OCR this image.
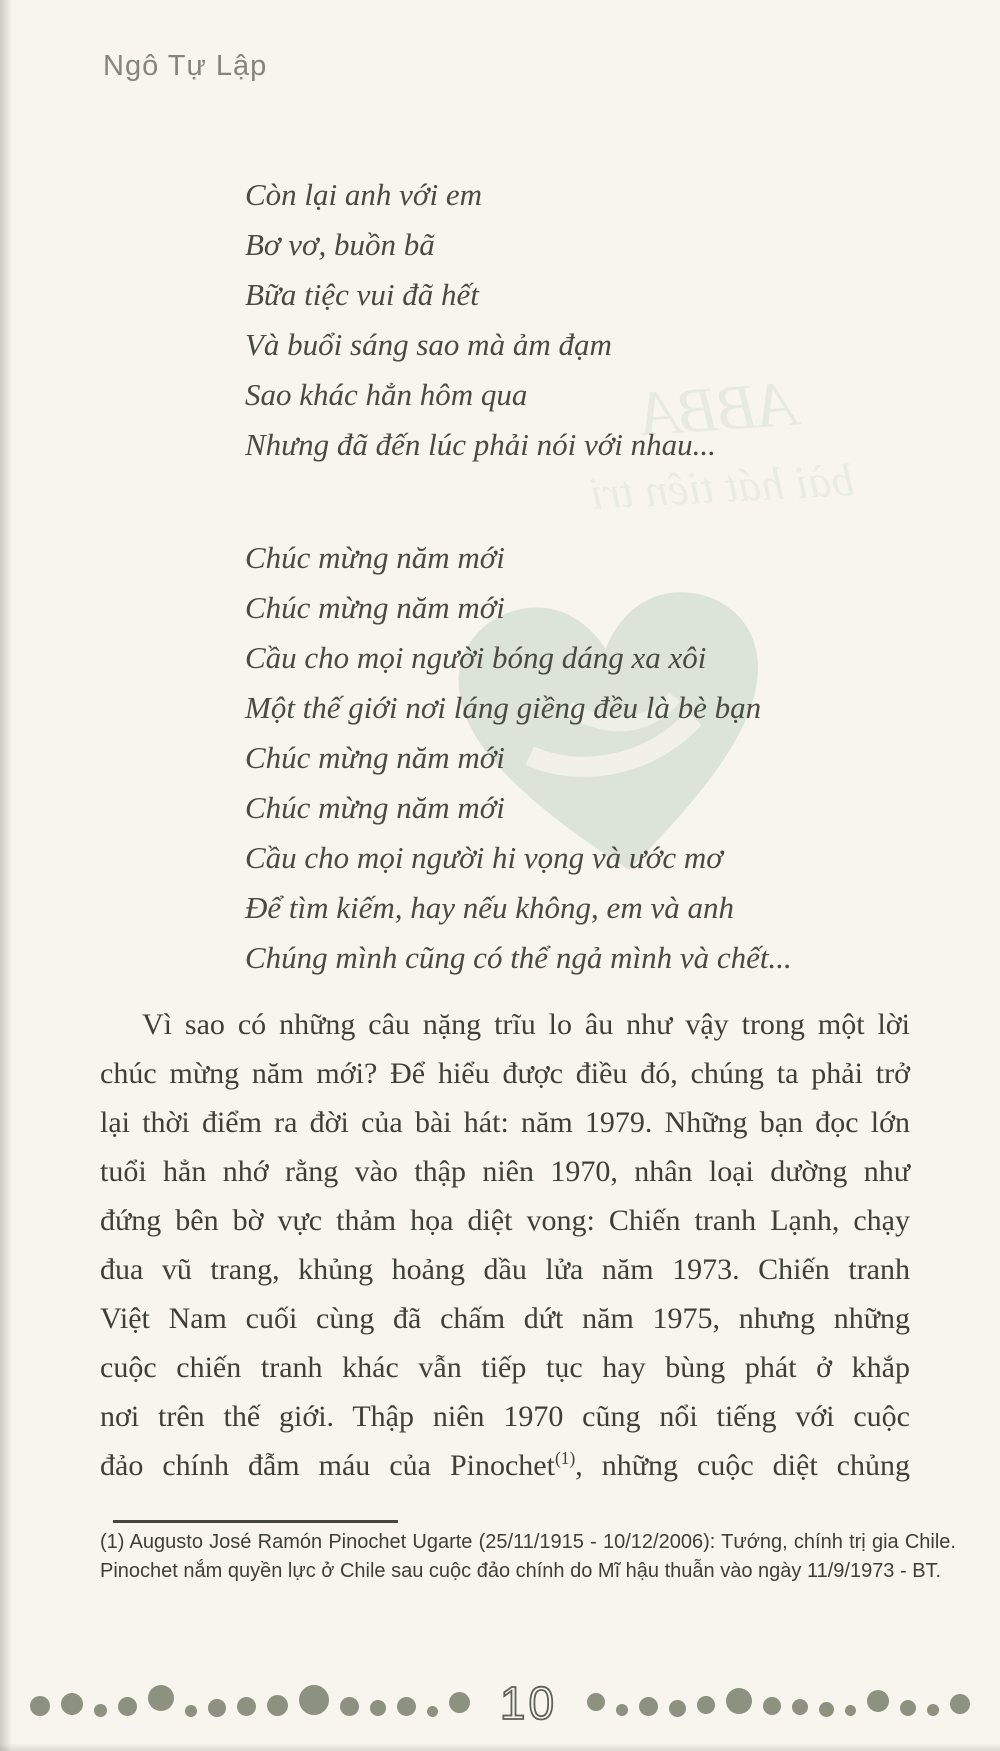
Ngô Tự Lập
ABBA
bài hát tiên tri
Còn lại anh với em
Bơ vơ, buồn bã
Bữa tiệc vui đã hết
Và buổi sáng sao mà ảm đạm
Sao khác hẳn hôm qua
Nhưng đã đến lúc phải nói với nhau...
Chúc mừng năm mới
Chúc mừng năm mới
Cầu cho mọi người bóng dáng xa xôi
Một thế giới nơi láng giềng đều là bè bạn
Chúc mừng năm mới
Chúc mừng năm mới
Cầu cho mọi người hi vọng và ước mơ
Để tìm kiếm, hay nếu không, em và anh
Chúng mình cũng có thể ngả mình và chết...
Vì sao có những câu nặng trĩu lo âu như vậy trong một lời
chúc mừng năm mới? Để hiểu được điều đó, chúng ta phải trở
lại thời điểm ra đời của bài hát: năm 1979. Những bạn đọc lớn
tuổi hẳn nhớ rằng vào thập niên 1970, nhân loại dường như
đứng bên bờ vực thảm họa diệt vong: Chiến tranh Lạnh, chạy
đua vũ trang, khủng hoảng dầu lửa năm 1973. Chiến tranh
Việt Nam cuối cùng đã chấm dứt năm 1975, nhưng những
cuộc chiến tranh khác vẫn tiếp tục hay bùng phát ở khắp
nơi trên thế giới. Thập niên 1970 cũng nổi tiếng với cuộc
đảo chính đẫm máu của Pinochet$^{(1)}$, những cuộc diệt chủng
(1) Augusto José Ramón Pinochet Ugarte (25/11/1915 - 10/12/2006): Tướng, chính trị gia Chile. Pinochet nắm quyền lực ở Chile sau cuộc đảo chính do Mĩ hậu thuẫn vào ngày 11/9/1973 - BT.
10
